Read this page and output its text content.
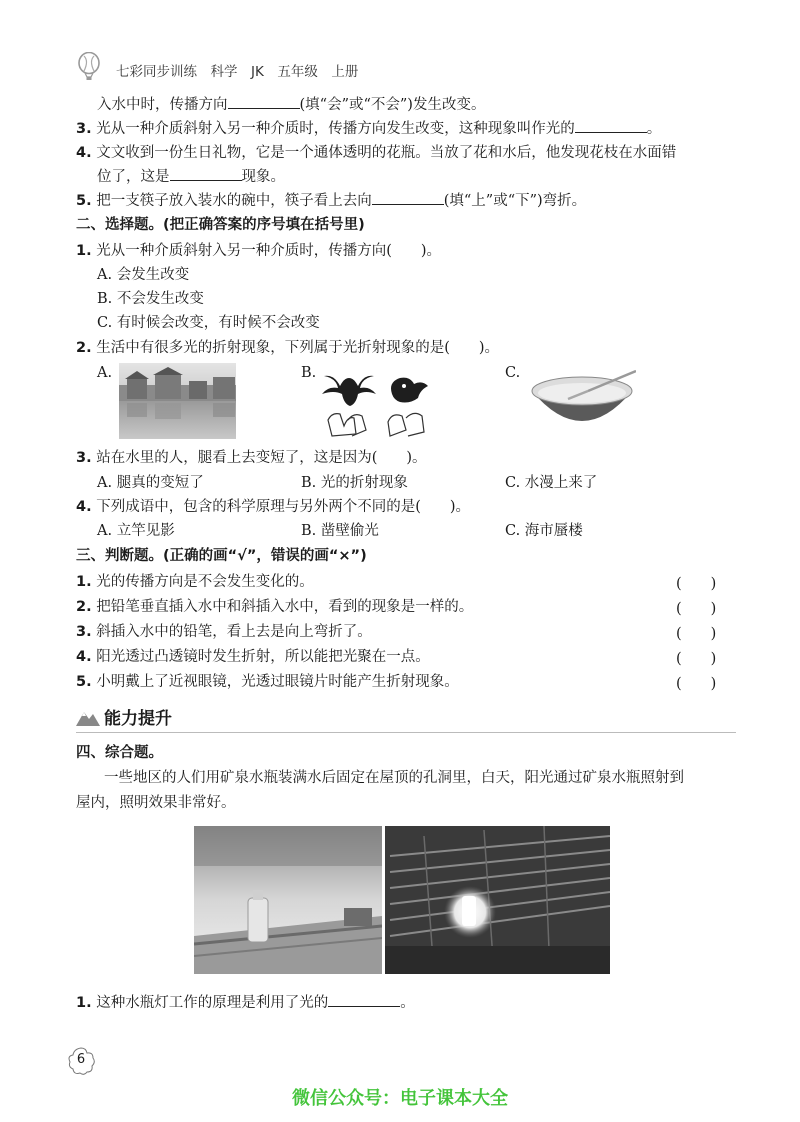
七彩同步训练　科学　JK　五年级　上册
入水中时，传播方向	(填“会”或“不会”)发生改变。
3. 光从一种介质斜射入另一种介质时，传播方向发生改变，这种现象叫作光的	。
4. 文文收到一份生日礼物，它是一个通体透明的花瓶。当放了花和水后，他发现花枝在水面错
位了，这是	现象。
5. 把一支筷子放入装水的碗中，筷子看上去向	(填“上”或“下”)弯折。
二、选择题。(把正确答案的序号填在括号里)
1. 光从一种介质斜射入另一种介质时，传播方向(　　)。
A. 会发生改变
B. 不会发生改变
C. 有时候会改变，有时候不会改变
2. 生活中有很多光的折射现象，下列属于光折射现象的是(　　)。
A.	B.	C.
3. 站在水里的人，腿看上去变短了，这是因为(　　)。
A. 腿真的变短了	B. 光的折射现象	C. 水漫上来了
4. 下列成语中，包含的科学原理与另外两个不同的是(　　)。
A. 立竿见影	B. 凿壁偷光	C. 海市蜃楼
三、判断题。(正确的画“√”，错误的画“×”)
1. 光的传播方向是不会发生变化的。	(　　)
2. 把铅笔垂直插入水中和斜插入水中，看到的现象是一样的。	(　　)
3. 斜插入水中的铅笔，看上去是向上弯折了。	(　　)
4. 阳光透过凸透镜时发生折射，所以能把光聚在一点。	(　　)
5. 小明戴上了近视眼镜，光透过眼镜片时能产生折射现象。	(　　)
能力提升
四、综合题。
一些地区的人们用矿泉水瓶装满水后固定在屋顶的孔洞里，白天，阳光通过矿泉水瓶照射到
屋内，照明效果非常好。
1. 这种水瓶灯工作的原理是利用了光的	。
6
微信公众号：电子课本大全
